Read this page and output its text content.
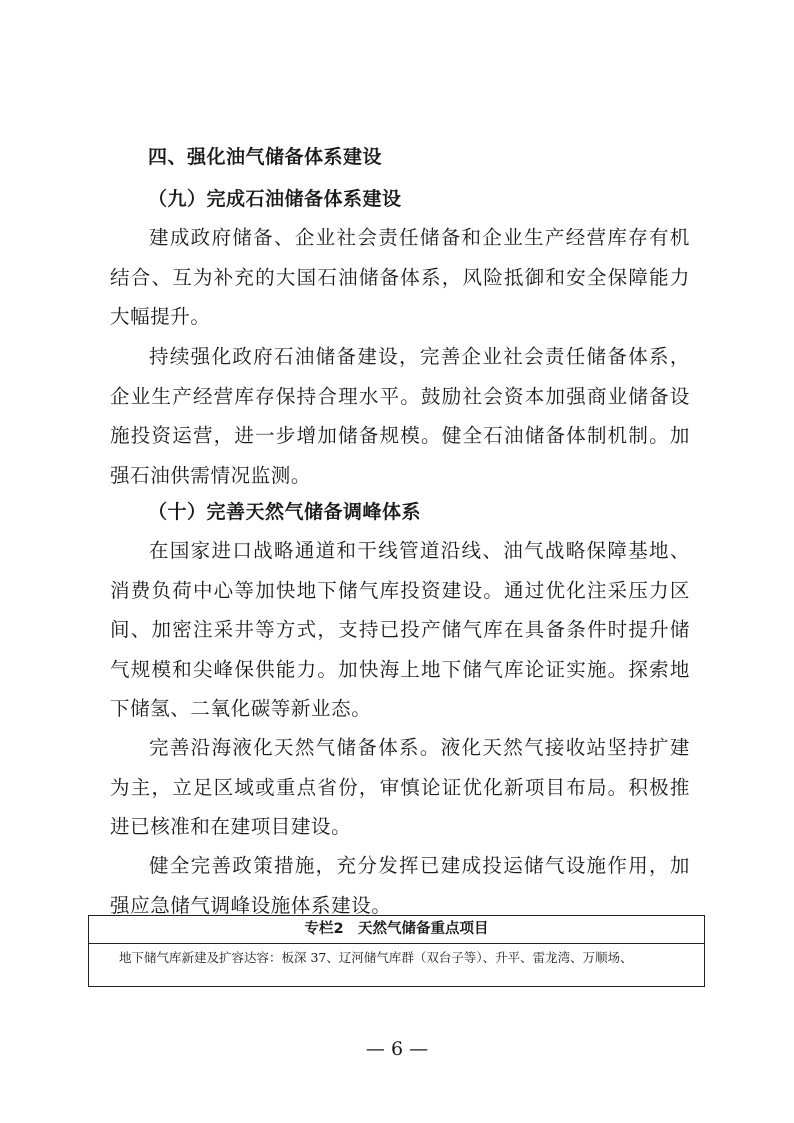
四、强化油气储备体系建设
（九）完成石油储备体系建设

建成政府储备、企业社会责任储备和企业生产经营库存有机结合、互为补充的大国石油储备体系，风险抵御和安全保障能力大幅提升。

持续强化政府石油储备建设，完善企业社会责任储备体系，企业生产经营库存保持合理水平。鼓励社会资本加强商业储备设施投资运营，进一步增加储备规模。健全石油储备体制机制。加强石油供需情况监测。

（十）完善天然气储备调峰体系

在国家进口战略通道和干线管道沿线、油气战略保障基地、消费负荷中心等加快地下储气库投资建设。通过优化注采压力区间、加密注采井等方式，支持已投产储气库在具备条件时提升储气规模和尖峰保供能力。加快海上地下储气库论证实施。探索地下储氢、二氧化碳等新业态。

完善沿海液化天然气储备体系。液化天然气接收站坚持扩建为主，立足区域或重点省份，审慎论证优化新项目布局。积极推进已核准和在建项目建设。

健全完善政策措施，充分发挥已建成投运储气设施作用，加强应急储气调峰设施体系建设。

专栏2　天然气储备重点项目
地下储气库新建及扩容达容：板深 37、辽河储气库群（双台子等）、升平、雷龙湾、万顺场、
— 6 —
